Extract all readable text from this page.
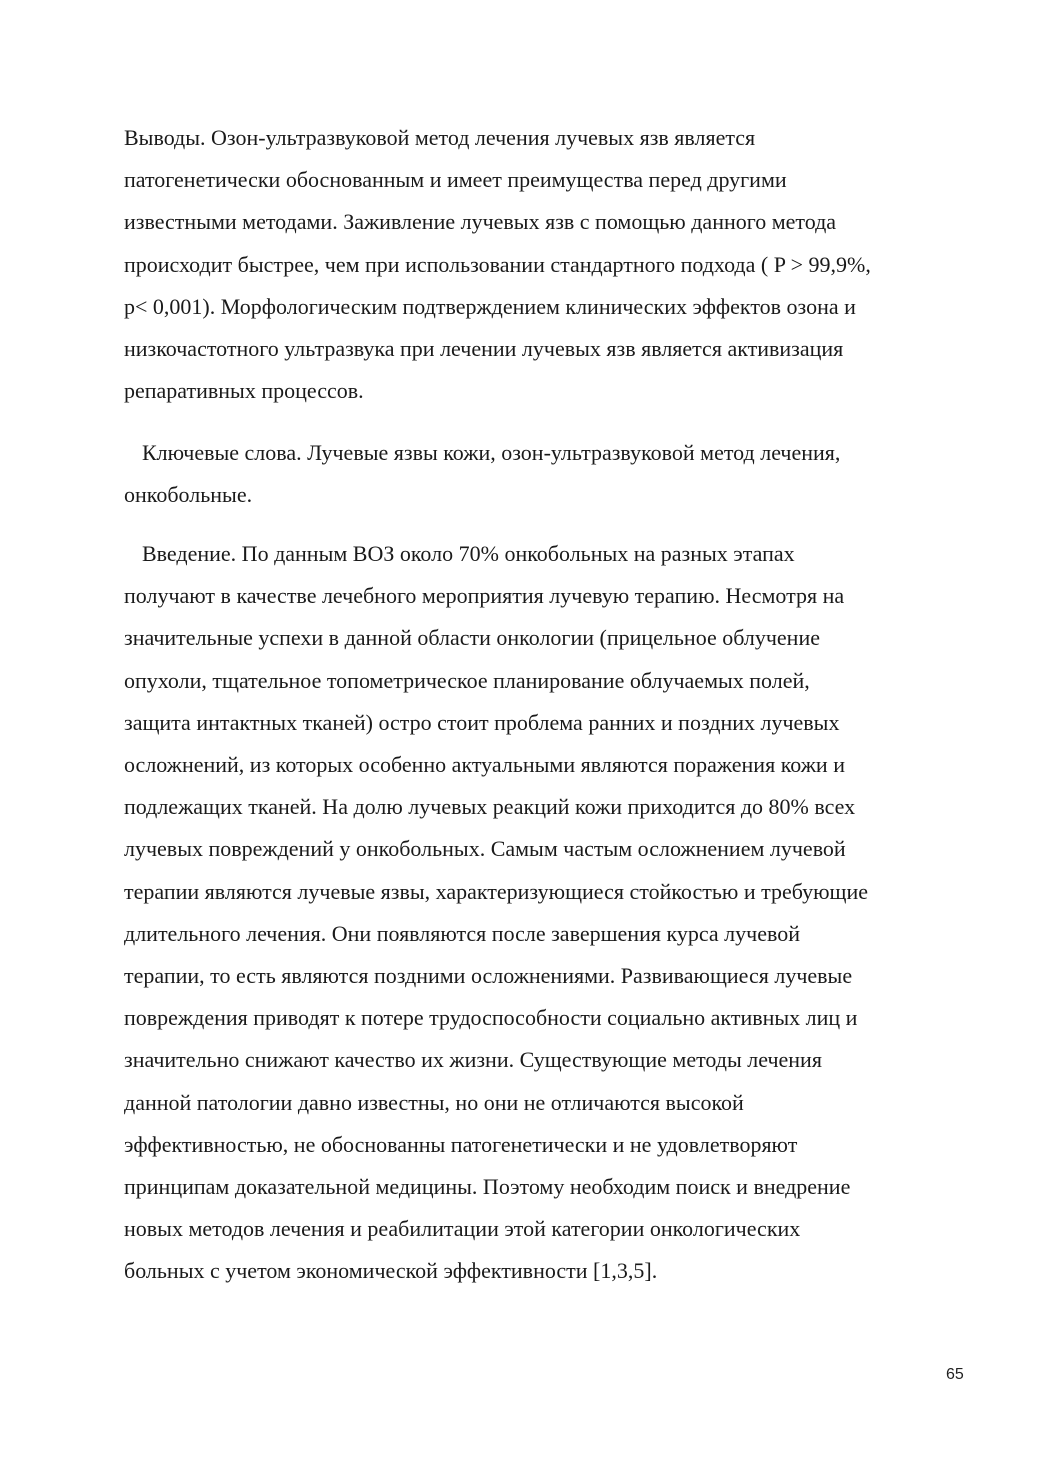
Выводы. Озон-ультразвуковой метод лечения лучевых язв является
патогенетически обоснованным и имеет преимущества перед другими
известными методами. Заживление лучевых язв с помощью данного метода
происходит быстрее, чем при использовании стандартного подхода ( P > 99,9%,
р< 0,001). Морфологическим подтверждением клинических эффектов озона и
низкочастотного ультразвука при лечении лучевых язв является активизация
репаративных процессов.

Ключевые слова. Лучевые язвы кожи, озон-ультразвуковой метод лечения,
онкобольные.

Введение. По данным ВОЗ около 70% онкобольных на разных этапах
получают в качестве лечебного мероприятия лучевую терапию. Несмотря на
значительные успехи в данной области онкологии (прицельное облучение
опухоли, тщательное топометрическое планирование облучаемых полей,
защита интактных тканей) остро стоит проблема ранних и поздних лучевых
осложнений, из которых особенно актуальными являются поражения кожи и
подлежащих тканей. На долю лучевых реакций кожи приходится до 80% всех
лучевых повреждений у онкобольных. Самым частым осложнением лучевой
терапии являются лучевые язвы, характеризующиеся стойкостью и требующие
длительного лечения. Они появляются после завершения курса лучевой
терапии, то есть являются поздними осложнениями. Развивающиеся лучевые
повреждения приводят к потере трудоспособности социально активных лиц и
значительно снижают качество их жизни. Существующие методы лечения
данной патологии давно известны, но они не отличаются высокой
эффективностью, не обоснованны патогенетически и не удовлетворяют
принципам доказательной медицины. Поэтому необходим поиск и внедрение
новых методов лечения и реабилитации этой категории онкологических
больных с учетом экономической эффективности [1,3,5].

65
